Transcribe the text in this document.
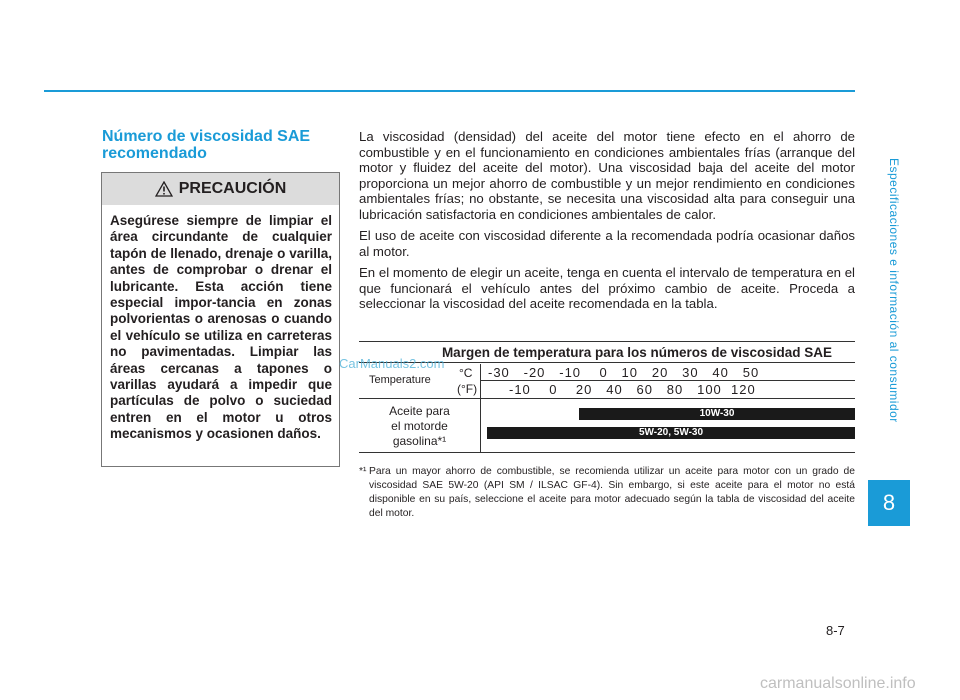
Especificaciones e información al consumidor
8
Número de viscosidad SAE recomendado
PRECAUCIÓN
Asegúrese siempre de limpiar el área circundante de cualquier tapón de llenado, drenaje o varilla, antes de comprobar o drenar el lubricante. Esta acción tiene especial impor-tancia en zonas polvorientas o arenosas o cuando el vehículo se utiliza en carreteras no pavimentadas. Limpiar las áreas cercanas a tapones o varillas ayudará a impedir que partículas de polvo o suciedad entren en el motor u otros mecanismos y ocasionen daños.

La viscosidad (densidad) del aceite del motor tiene efecto en el ahorro de combustible y en el funcionamiento en condiciones ambientales frías (arranque del motor y fluidez del aceite del motor). Una viscosidad baja del aceite del motor proporciona un mejor ahorro de combustible y un mejor rendimiento en condiciones ambientales frías; no obstante, se necesita una viscosidad alta para conseguir una lubricación satisfactoria en condiciones ambientales de calor.

El uso de aceite con viscosidad diferente a la recomendada podría ocasionar daños al motor.

En el momento de elegir un aceite, tenga en cuenta el intervalo de temperatura en el que funcionará el vehículo antes del próximo cambio de aceite. Proceda a seleccionar la viscosidad del aceite recomendada en la tabla.

Margen de temperatura para los números de viscosidad SAE
Temperature °C
(°F)
-30   -20   -10    0   10   20   30   40   50
-10    0    20   40   60   80   100  120
Aceite para
el motorde
gasolina*¹
10W-30
5W-20, 5W-30
*¹ Para un mayor ahorro de combustible, se recomienda utilizar un aceite para motor con un grado de viscosidad SAE 5W-20 (API SM / ILSAC GF-4). Sin embargo, si este aceite para el motor no está disponible en su país, seleccione el aceite para motor adecuado según la tabla de viscosidad del aceite del motor.
CarManuals2.com
8-7
carmanualsonline.info
